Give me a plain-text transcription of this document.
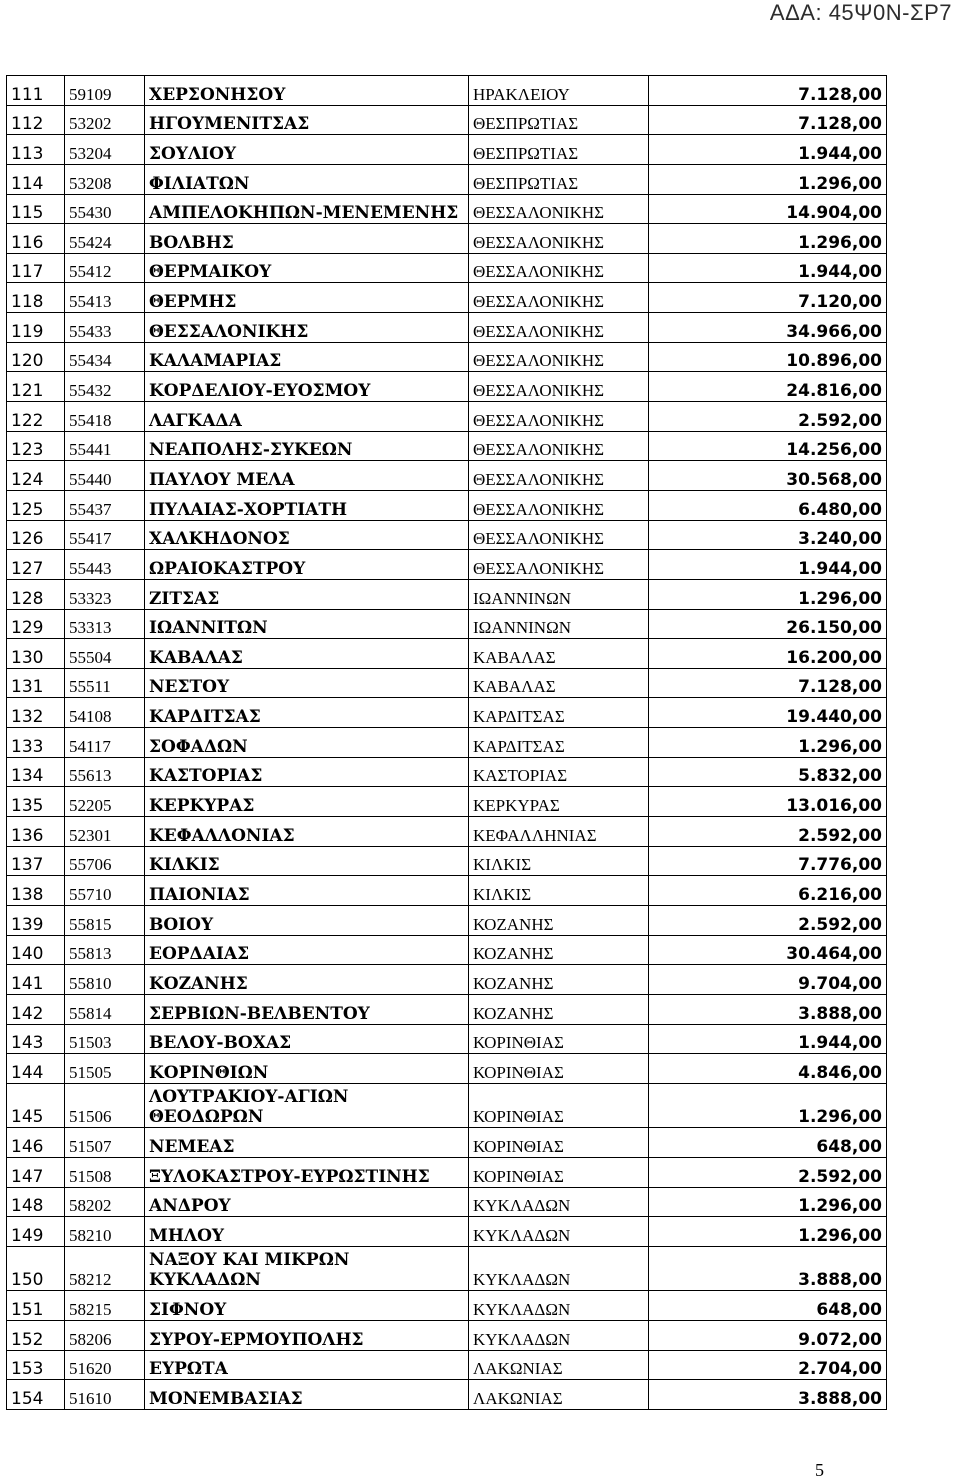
ΑΔΑ: 45Ψ0Ν-ΣΡ7
111	59109	ΧΕΡΣΟΝΗΣΟΥ	ΗΡΑΚΛΕΙΟΥ	7.128,00
112	53202	ΗΓΟΥΜΕΝΙΤΣΑΣ	ΘΕΣΠΡΩΤΙΑΣ	7.128,00
113	53204	ΣΟΥΛΙΟΥ	ΘΕΣΠΡΩΤΙΑΣ	1.944,00
114	53208	ΦΙΛΙΑΤΩΝ	ΘΕΣΠΡΩΤΙΑΣ	1.296,00
115	55430	ΑΜΠΕΛΟΚΗΠΩΝ-ΜΕΝΕΜΕΝΗΣ	ΘΕΣΣΑΛΟΝΙΚΗΣ	14.904,00
116	55424	ΒΟΛΒΗΣ	ΘΕΣΣΑΛΟΝΙΚΗΣ	1.296,00
117	55412	ΘΕΡΜΑΙΚΟΥ	ΘΕΣΣΑΛΟΝΙΚΗΣ	1.944,00
118	55413	ΘΕΡΜΗΣ	ΘΕΣΣΑΛΟΝΙΚΗΣ	7.120,00
119	55433	ΘΕΣΣΑΛΟΝΙΚΗΣ	ΘΕΣΣΑΛΟΝΙΚΗΣ	34.966,00
120	55434	ΚΑΛΑΜΑΡΙΑΣ	ΘΕΣΣΑΛΟΝΙΚΗΣ	10.896,00
121	55432	ΚΟΡΔΕΛΙΟΥ-ΕΥΟΣΜΟΥ	ΘΕΣΣΑΛΟΝΙΚΗΣ	24.816,00
122	55418	ΛΑΓΚΑΔΑ	ΘΕΣΣΑΛΟΝΙΚΗΣ	2.592,00
123	55441	ΝΕΑΠΟΛΗΣ-ΣΥΚΕΩΝ	ΘΕΣΣΑΛΟΝΙΚΗΣ	14.256,00
124	55440	ΠΑΥΛΟΥ ΜΕΛΑ	ΘΕΣΣΑΛΟΝΙΚΗΣ	30.568,00
125	55437	ΠΥΛΑΙΑΣ-ΧΟΡΤΙΑΤΗ	ΘΕΣΣΑΛΟΝΙΚΗΣ	6.480,00
126	55417	ΧΑΛΚΗΔΟΝΟΣ	ΘΕΣΣΑΛΟΝΙΚΗΣ	3.240,00
127	55443	ΩΡΑΙΟΚΑΣΤΡΟΥ	ΘΕΣΣΑΛΟΝΙΚΗΣ	1.944,00
128	53323	ΖΙΤΣΑΣ	ΙΩΑΝΝΙΝΩΝ	1.296,00
129	53313	ΙΩΑΝΝΙΤΩΝ	ΙΩΑΝΝΙΝΩΝ	26.150,00
130	55504	ΚΑΒΑΛΑΣ	ΚΑΒΑΛΑΣ	16.200,00
131	55511	ΝΕΣΤΟΥ	ΚΑΒΑΛΑΣ	7.128,00
132	54108	ΚΑΡΔΙΤΣΑΣ	ΚΑΡΔΙΤΣΑΣ	19.440,00
133	54117	ΣΟΦΑΔΩΝ	ΚΑΡΔΙΤΣΑΣ	1.296,00
134	55613	ΚΑΣΤΟΡΙΑΣ	ΚΑΣΤΟΡΙΑΣ	5.832,00
135	52205	ΚΕΡΚΥΡΑΣ	ΚΕΡΚΥΡΑΣ	13.016,00
136	52301	ΚΕΦΑΛΛΟΝΙΑΣ	ΚΕΦΑΛΛΗΝΙΑΣ	2.592,00
137	55706	ΚΙΛΚΙΣ	ΚΙΛΚΙΣ	7.776,00
138	55710	ΠΑΙΟΝΙΑΣ	ΚΙΛΚΙΣ	6.216,00
139	55815	ΒΟΙΟΥ	ΚΟΖΑΝΗΣ	2.592,00
140	55813	ΕΟΡΔΑΙΑΣ	ΚΟΖΑΝΗΣ	30.464,00
141	55810	ΚΟΖΑΝΗΣ	ΚΟΖΑΝΗΣ	9.704,00
142	55814	ΣΕΡΒΙΩΝ-ΒΕΛΒΕΝΤΟΥ	ΚΟΖΑΝΗΣ	3.888,00
143	51503	ΒΕΛΟΥ-ΒΟΧΑΣ	ΚΟΡΙΝΘΙΑΣ	1.944,00
144	51505	ΚΟΡΙΝΘΙΩΝ	ΚΟΡΙΝΘΙΑΣ	4.846,00
145	51506	ΛΟΥΤΡΑΚΙΟΥ-ΑΓΙΩΝ ΘΕΟΔΩΡΩΝ	ΚΟΡΙΝΘΙΑΣ	1.296,00
146	51507	ΝΕΜΕΑΣ	ΚΟΡΙΝΘΙΑΣ	648,00
147	51508	ΞΥΛΟΚΑΣΤΡΟΥ-ΕΥΡΩΣΤΙΝΗΣ	ΚΟΡΙΝΘΙΑΣ	2.592,00
148	58202	ΑΝΔΡΟΥ	ΚΥΚΛΑΔΩΝ	1.296,00
149	58210	ΜΗΛΟΥ	ΚΥΚΛΑΔΩΝ	1.296,00
150	58212	ΝΑΞΟΥ ΚΑΙ ΜΙΚΡΩΝ ΚΥΚΛΑΔΩΝ	ΚΥΚΛΑΔΩΝ	3.888,00
151	58215	ΣΙΦΝΟΥ	ΚΥΚΛΑΔΩΝ	648,00
152	58206	ΣΥΡΟΥ-ΕΡΜΟΥΠΟΛΗΣ	ΚΥΚΛΑΔΩΝ	9.072,00
153	51620	ΕΥΡΩΤΑ	ΛΑΚΩΝΙΑΣ	2.704,00
154	51610	ΜΟΝΕΜΒΑΣΙΑΣ	ΛΑΚΩΝΙΑΣ	3.888,00
5
